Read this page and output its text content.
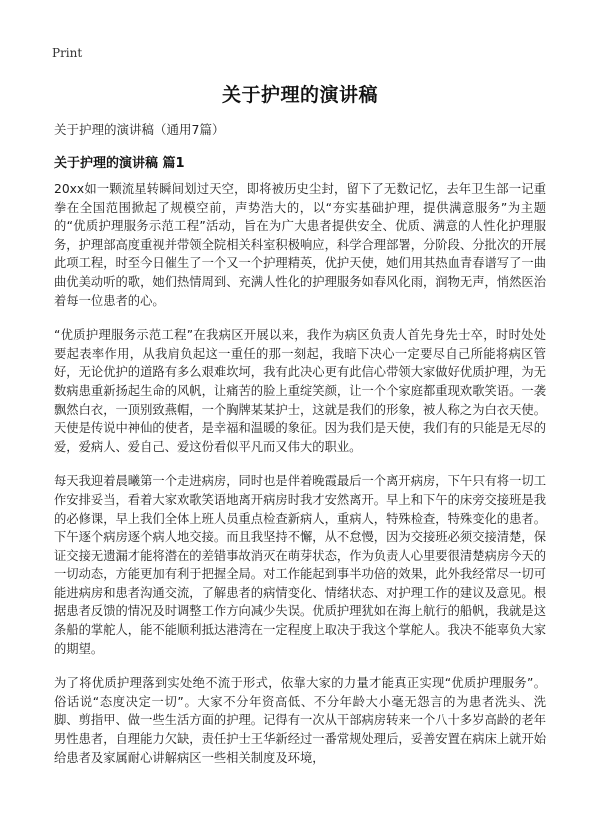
Print
关于护理的演讲稿
关于护理的演讲稿（通用7篇）
关于护理的演讲稿 篇1

20xx如一颗流星转瞬间划过天空，即将被历史尘封，留下了无数记忆，去年卫生部一记重拳在全国范围掀起了规模空前，声势浩大的，以“夯实基础护理，提供满意服务”为主题的“优质护理服务示范工程”活动，旨在为广大患者提供安全、优质、满意的人性化护理服务，护理部高度重视并带领全院相关科室积极响应，科学合理部署，分阶段、分批次的开展此项工程，时至今日催生了一个又一个护理精英，优护天使，她们用其热血青春谱写了一曲曲优美动听的歌，她们热情周到、充满人性化的护理服务如春风化雨，润物无声，悄然医治着每一位患者的心。

“优质护理服务示范工程”在我病区开展以来，我作为病区负责人首先身先士卒，时时处处要起表率作用，从我肩负起这一重任的那一刻起，我暗下决心一定要尽自己所能将病区管好，无论优护的道路有多么艰难坎坷，我有此决心更有此信心带领大家做好优质护理，为无数病患重新扬起生命的风帆，让痛苦的脸上重绽笑颜，让一个个家庭都重现欢歌笑语。一袭飘然白衣，一顶别致燕帽，一个胸牌某某护士，这就是我们的形象，被人称之为白衣天使。天使是传说中神仙的使者，是幸福和温暖的象征。因为我们是天使，我们有的只能是无尽的爱，爱病人、爱自己、爱这份看似平凡而又伟大的职业。

每天我迎着晨曦第一个走进病房，同时也是伴着晚霞最后一个离开病房，下午只有将一切工作安排妥当，看着大家欢歌笑语地离开病房时我才安然离开。早上和下午的床旁交接班是我的必修课，早上我们全体上班人员重点检查新病人，重病人，特殊检查，特殊变化的患者。下午逐个病房逐个病人地交接。而且我坚持不懈，从不怠慢，因为交接班必须交接清楚，保证交接无遗漏才能将潜在的差错事故消灭在萌芽状态，作为负责人心里要很清楚病房今天的一切动态，方能更加有利于把握全局。对工作能起到事半功倍的效果，此外我经常尽一切可能进病房和患者沟通交流，了解患者的病情变化、情绪状态、对护理工作的建议及意见。根据患者反馈的情况及时调整工作方向减少失误。优质护理犹如在海上航行的船帆，我就是这条船的掌舵人，能不能顺利抵达港湾在一定程度上取决于我这个掌舵人。我决不能辜负大家的期望。

为了将优质护理落到实处绝不流于形式，依靠大家的力量才能真正实现“优质护理服务”。俗话说“态度决定一切”。大家不分年资高低、不分年龄大小毫无怨言的为患者洗头、洗脚、剪指甲、做一些生活方面的护理。记得有一次从干部病房转来一个八十多岁高龄的老年男性患者，自理能力欠缺，责任护士王华新经过一番常规处理后，妥善安置在病床上就开始给患者及家属耐心讲解病区一些相关制度及环境，
